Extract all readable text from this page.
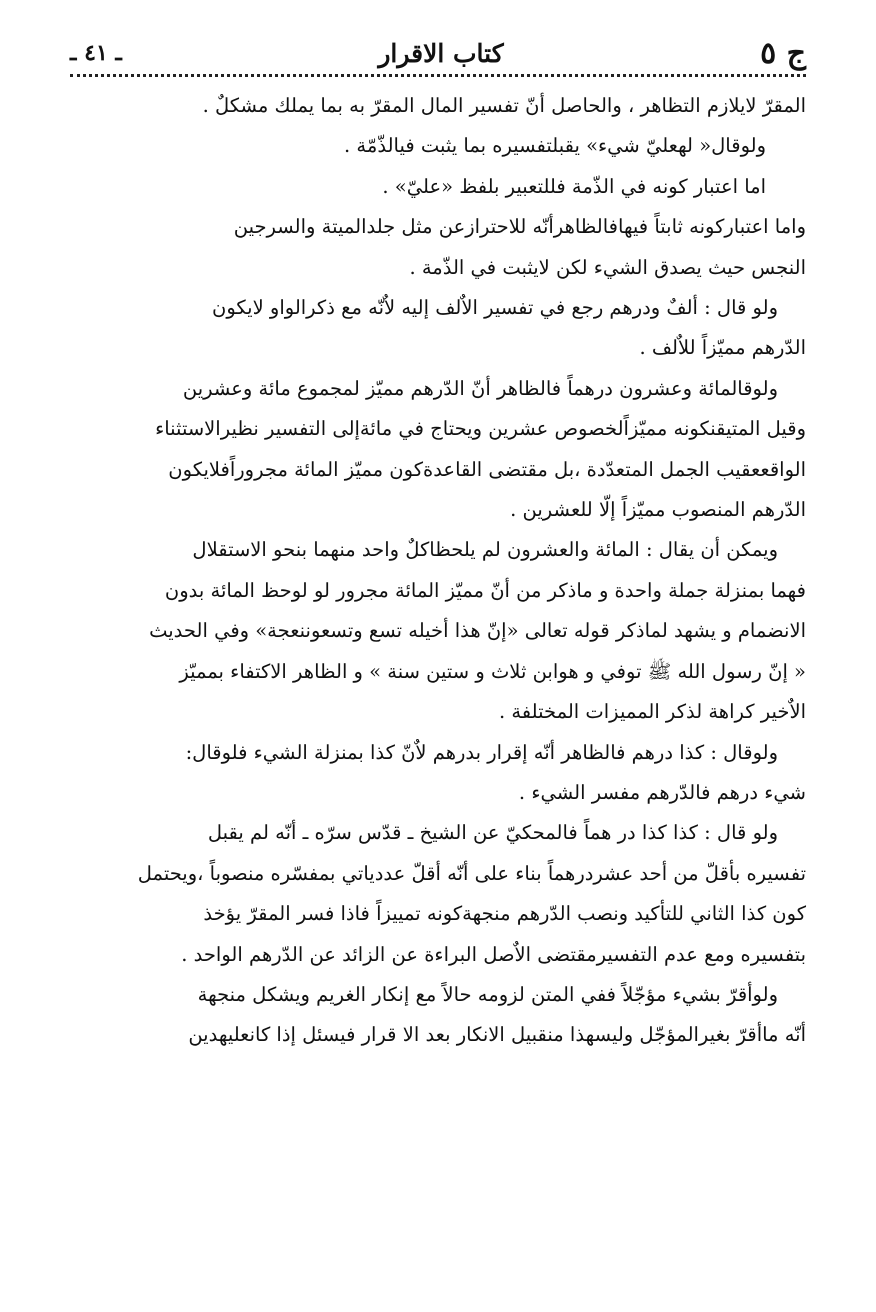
ج ٥
كتاب الاقرار
ـ ٤١ ـ

المقرّ لايلازم التظاهر ، والحاصل أنّ تفسير المال المقرّ به بما يملك مشكلٌ .

ولوقال« لهعليّ شيء» يقبلتفسيره بما يثبت فيالذّمّة .

اما اعتبار كونه في الذّمة فللتعبير بلفظ «عليّ» .

واما اعتباركونه ثابتاً فيهافالظاهرأنّه للاحترازعن مثل جلدالميتة والسرجين

النجس حيث يصدق الشيء لكن لايثبت في الذّمة .

ولو قال : ألفٌ ودرهم رجع في تفسير الاٌلف إليه لاٌنّه مع ذكرالواو لايكون

الدّرهم مميّزاً للاٌلف .

ولوقالمائة وعشرون درهماً فالظاهر أنّ الدّرهم مميّز لمجموع مائة وعشرين

وقيل المتيقنكونه مميّزاًلخصوص عشرين ويحتاج في مائةإلى التفسير نظيرالاستثناء

الواقععقيب الجمل المتعدّدة ،بل مقتضى القاعدةكون مميّز المائة مجروراًفلايكون

الدّرهم المنصوب مميّزاً إلّا للعشرين .

ويمكن أن يقال : المائة والعشرون لم يلحظاكلٌ واحد منهما بنحو الاستقلال

فهما بمنزلة جملة واحدة و ماذكر من أنّ مميّز المائة مجرور لو لوحظ المائة بدون

الانضمام و يشهد لماذكر قوله تعالى «إنّ هذا أخيله تسع وتسعوننعجة» وفي الحديث

« إنّ رسول الله ﷺ توفي و هوابن ثلاث و ستين سنة » و الظاهر الاكتفاء بمميّز

الاٌخير كراهة لذكر المميزات المختلفة .

ولوقال : كذا درهم فالظاهر أنّه إقرار بدرهم لاٌنّ كذا بمنزلة الشيء فلوقال:

شيء درهم فالدّرهم مفسر الشيء .

ولو قال : كذا كذا در هماً فالمحكيّ عن الشيخ ـ قدّس سرّه ـ أنّه لم يقبل

تفسيره بأقلّ من أحد عشردرهماً بناء على أنّه أقلّ عددياتي بمفسّره منصوباً ،ويحتمل

كون كذا الثاني للتأكيد ونصب الدّرهم منجهةكونه تمييزاً فاذا فسر المقرّ يؤخذ

بتفسيره ومع عدم التفسيرمقتضى الاٌصل البراءة عن الزائد عن الدّرهم الواحد .

ولوأقرّ بشيء مؤجّلاً ففي المتن لزومه حالاً مع إنكار الغريم ويشكل منجهة

أنّه ماأقرّ بغيرالمؤجّل وليسهذا منقبيل الانكار بعد الا قرار فيسئل إذا كانعليهدين
